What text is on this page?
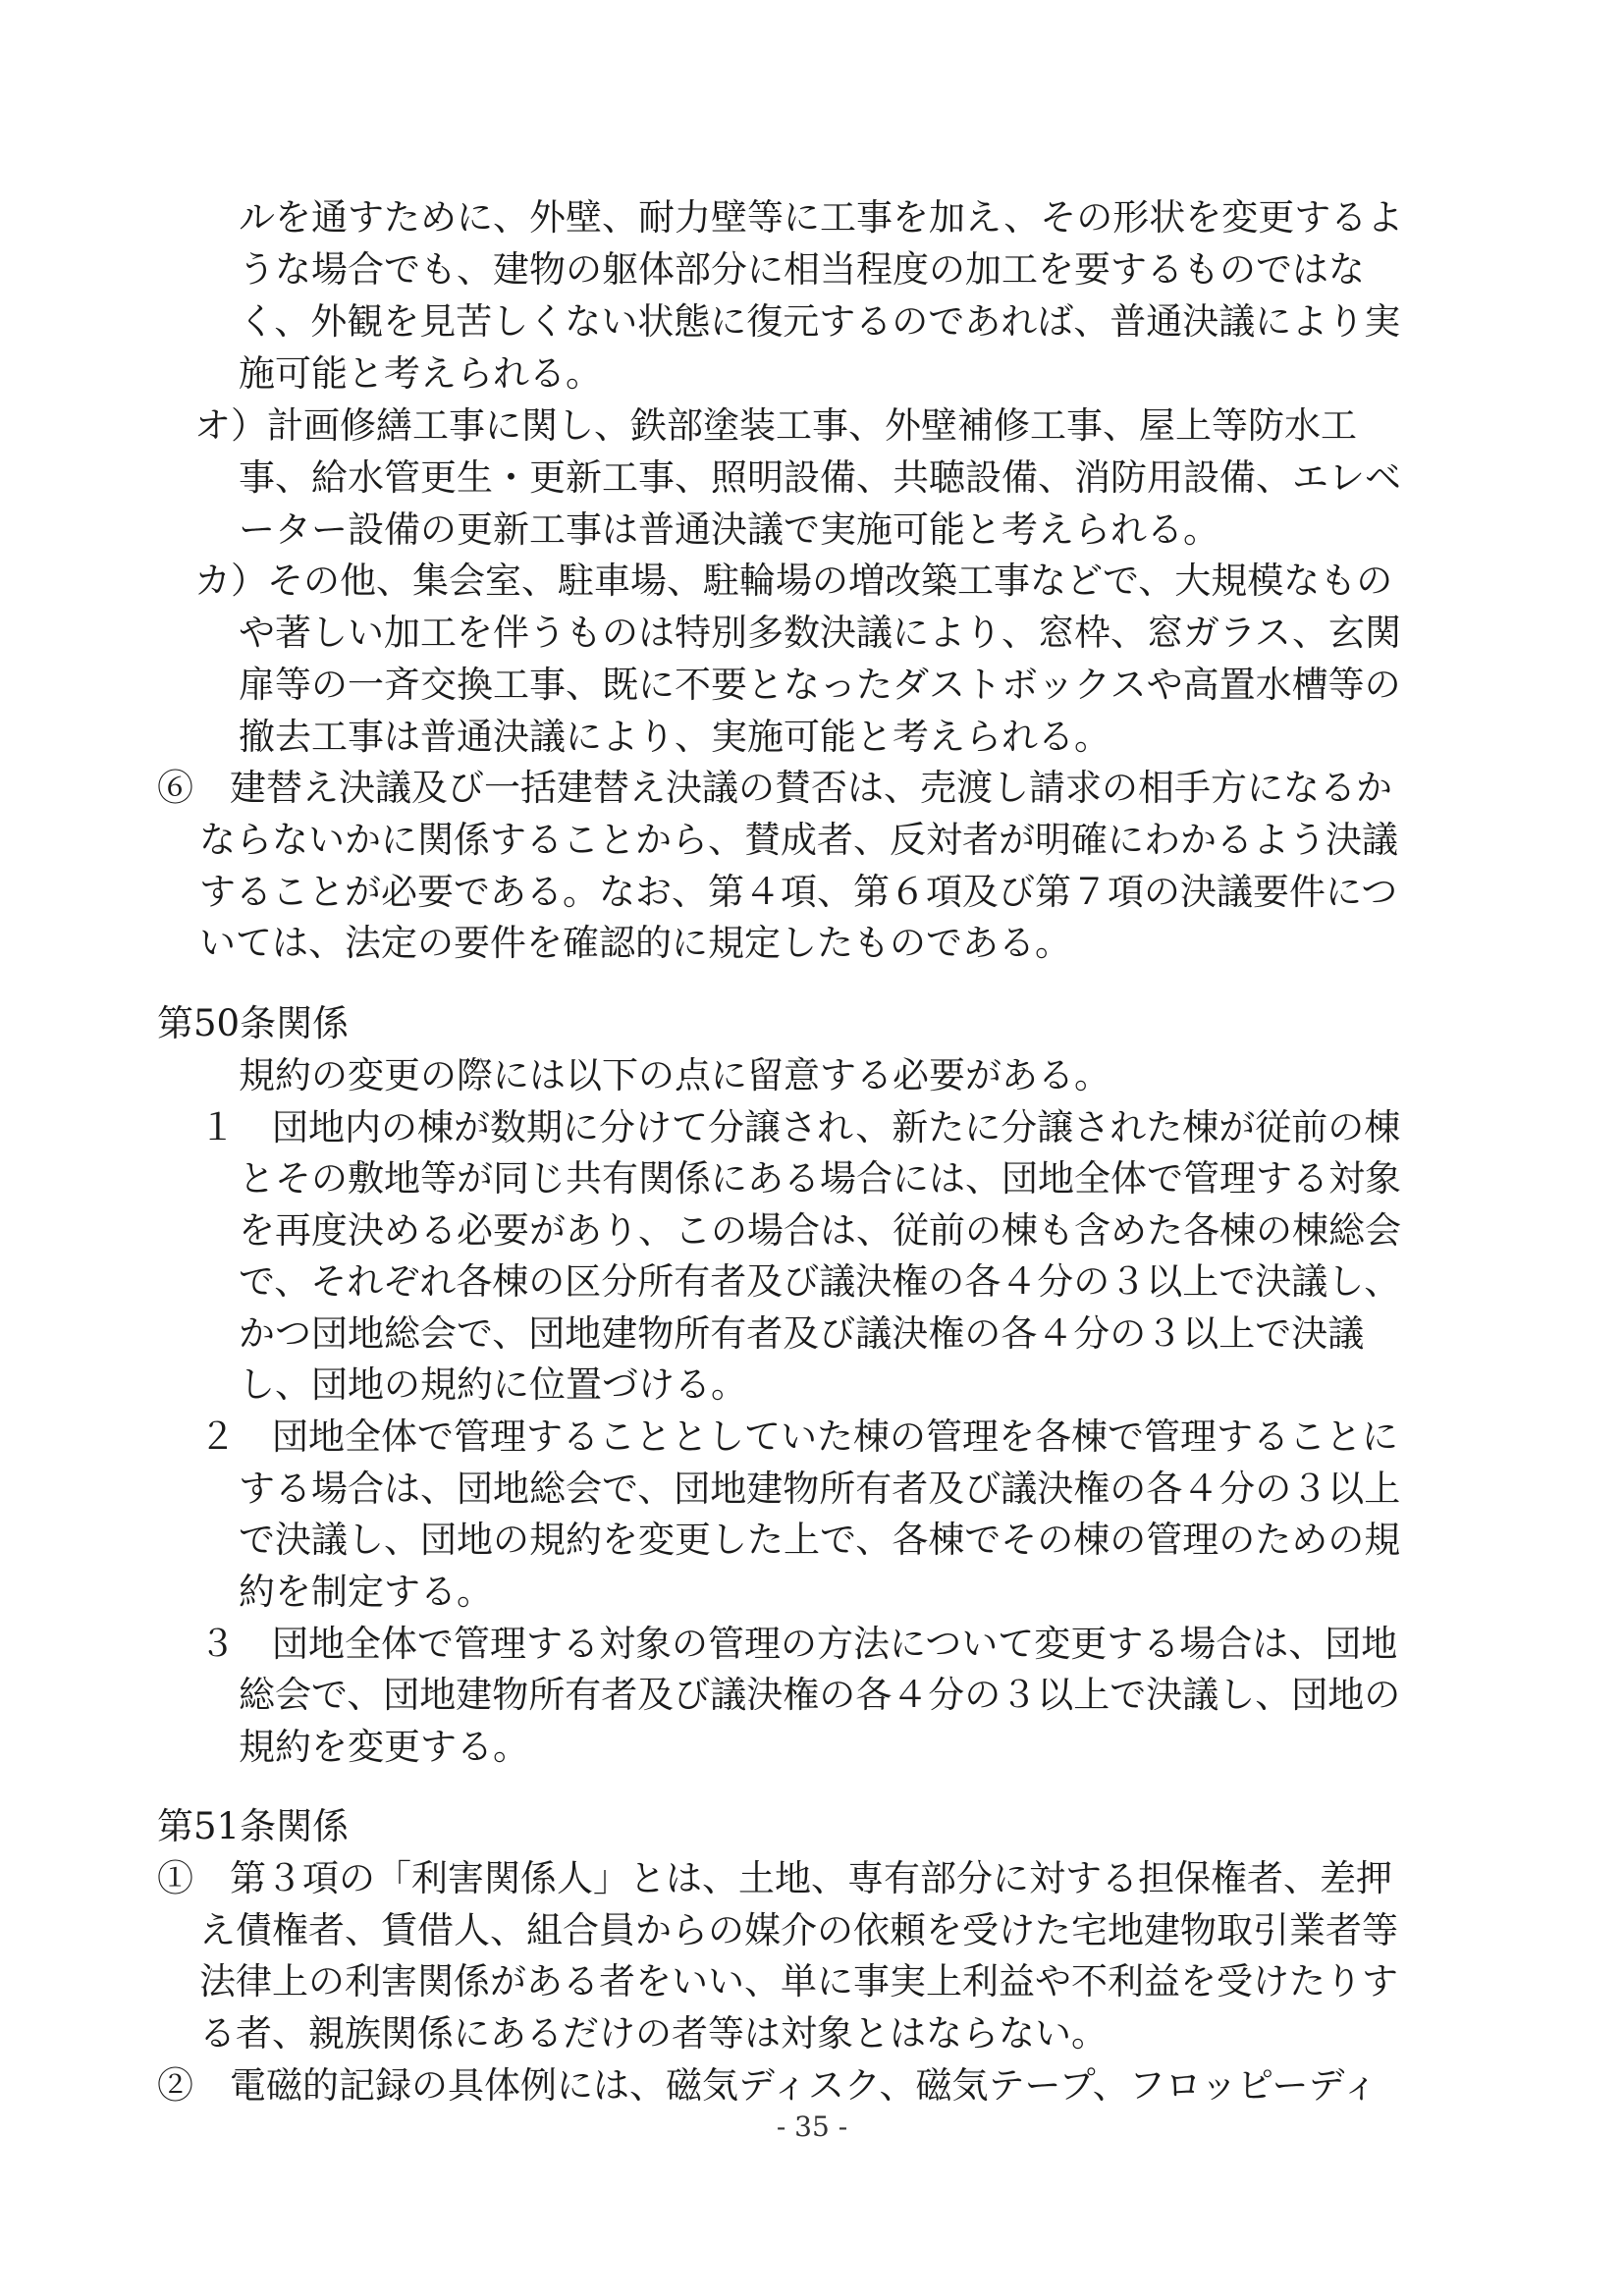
ルを通すために、外壁、耐力壁等に工事を加え、その形状を変更するよ
うな場合でも、建物の躯体部分に相当程度の加工を要するものではな
く、外観を見苦しくない状態に復元するのであれば、普通決議により実
施可能と考えられる。
オ）計画修繕工事に関し、鉄部塗装工事、外壁補修工事、屋上等防水工
事、給水管更生・更新工事、照明設備、共聴設備、消防用設備、エレベ
ーター設備の更新工事は普通決議で実施可能と考えられる。
カ）その他、集会室、駐車場、駐輪場の増改築工事などで、大規模なもの
や著しい加工を伴うものは特別多数決議により、窓枠、窓ガラス、玄関
扉等の一斉交換工事、既に不要となったダストボックスや高置水槽等の
撤去工事は普通決議により、実施可能と考えられる。
⑥　建替え決議及び一括建替え決議の賛否は、売渡し請求の相手方になるか
ならないかに関係することから、賛成者、反対者が明確にわかるよう決議
することが必要である。なお、第４項、第６項及び第７項の決議要件につ
いては、法定の要件を確認的に規定したものである。
第50条関係
規約の変更の際には以下の点に留意する必要がある。
１　団地内の棟が数期に分けて分譲され、新たに分譲された棟が従前の棟
とその敷地等が同じ共有関係にある場合には、団地全体で管理する対象
を再度決める必要があり、この場合は、従前の棟も含めた各棟の棟総会
で、それぞれ各棟の区分所有者及び議決権の各４分の３以上で決議し、
かつ団地総会で、団地建物所有者及び議決権の各４分の３以上で決議
し、団地の規約に位置づける。
２　団地全体で管理することとしていた棟の管理を各棟で管理することに
する場合は、団地総会で、団地建物所有者及び議決権の各４分の３以上
で決議し、団地の規約を変更した上で、各棟でその棟の管理のための規
約を制定する。
３　団地全体で管理する対象の管理の方法について変更する場合は、団地
総会で、団地建物所有者及び議決権の各４分の３以上で決議し、団地の
規約を変更する。
第51条関係
①　第３項の「利害関係人」とは、土地、専有部分に対する担保権者、差押
え債権者、賃借人、組合員からの媒介の依頼を受けた宅地建物取引業者等
法律上の利害関係がある者をいい、単に事実上利益や不利益を受けたりす
る者、親族関係にあるだけの者等は対象とはならない。
②　電磁的記録の具体例には、磁気ディスク、磁気テープ、フロッピーディ
- 35 -
